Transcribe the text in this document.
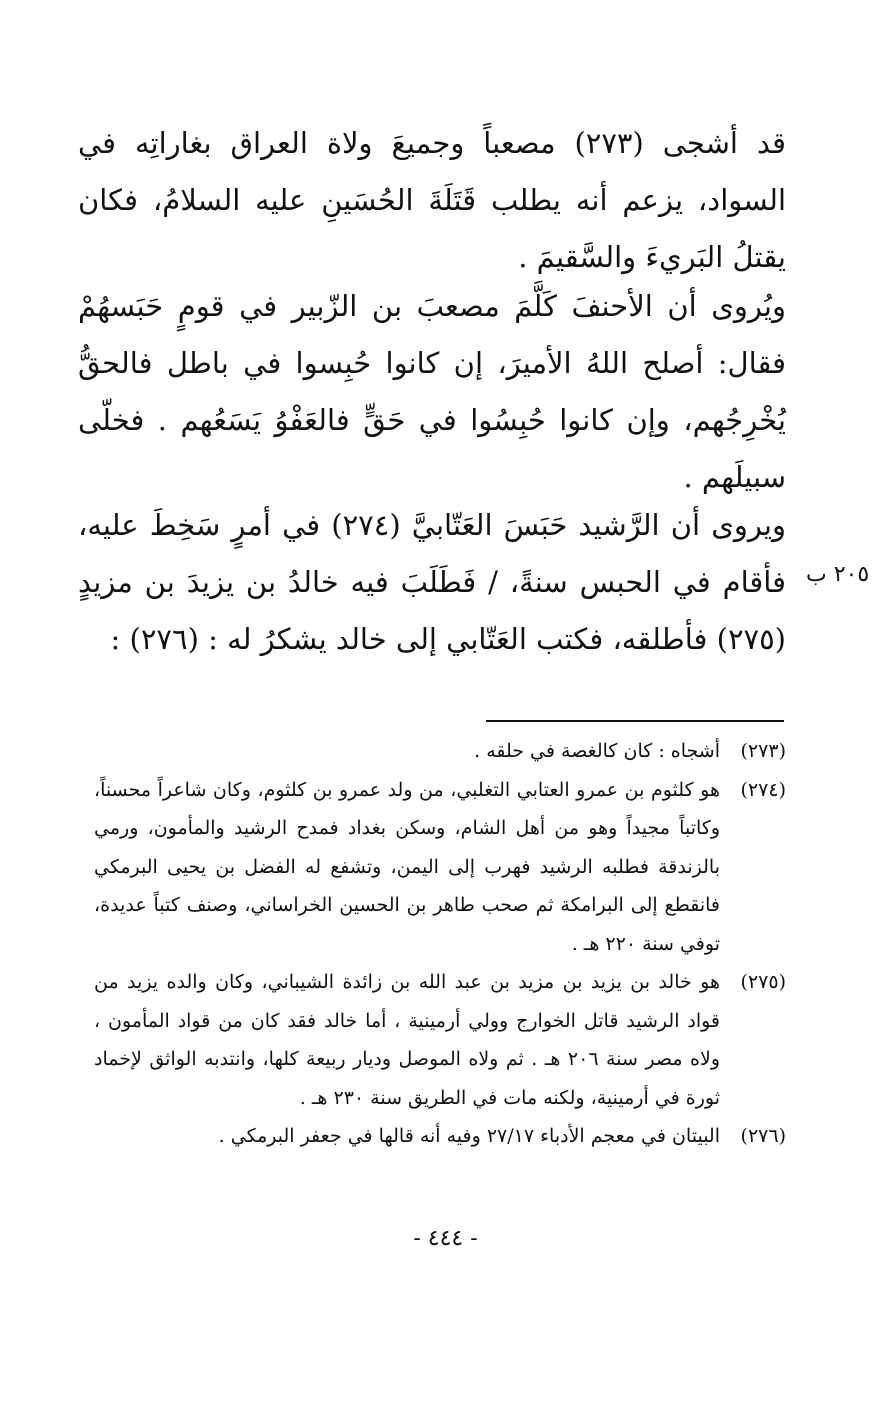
قد أشجى (٢٧٣) مصعباً وجميعَ ولاة العراق بغاراتِه في السواد، يزعم أنه يطلب قَتَلَةَ الحُسَينِ عليه السلامُ، فكان يقتلُ البَريءَ والسَّقيمَ .

ويُروى أن الأحنفَ كَلَّمَ مصعبَ بن الزّبير في قومٍ حَبَسهُمْ فقال: أصلح اللهُ الأميرَ، إن كانوا حُبِسوا في باطل فالحقُّ يُخْرِجُهم، وإن كانوا حُبِسُوا في حَقٍّ فالعَفْوُ يَسَعُهم . فخلّى سبيلَهم .

ويروى أن الرَّشيد حَبَسَ العَتّابيَّ (٢٧٤) في أمرٍ سَخِطَ عليه، فأقام في الحبس سنةً، / فَطَلَبَ فيه خالدُ بن يزيدَ بن مزيدٍ (٢٧٥) فأطلقه، فكتب العَتّابي إلى خالد يشكرُ له : (٢٧٦) :

٢٠٥ ب
(٢٧٣)
أشجاه : كان كالغصة في حلقه .
(٢٧٤)
هو كلثوم بن عمرو العتابي التغلبي، من ولد عمرو بن كلثوم، وكان شاعراً محسناً، وكاتباً مجيداً وهو من أهل الشام، وسكن بغداد فمدح الرشيد والمأمون، ورمي بالزندقة فطلبه الرشيد فهرب إلى اليمن، وتشفع له الفضل بن يحيى البرمكي فانقطع إلى البرامكة ثم صحب طاهر بن الحسين الخراساني، وصنف كتباً عديدة، توفي سنة ٢٢٠ هـ .
(٢٧٥)
هو خالد بن يزيد بن مزيد بن عبد الله بن زائدة الشيباني، وكان والده يزيد من قواد الرشيد قاتل الخوارج وولي أرمينية ، أما خالد فقد كان من قواد المأمون ، ولاه مصر سنة ٢٠٦ هـ . ثم ولاه الموصل وديار ربيعة كلها، وانتدبه الواثق لإخماد ثورة في أرمينية، ولكنه مات في الطريق سنة ٢٣٠ هـ .
(٢٧٦)
البيتان في معجم الأدباء ٢٧/١٧ وفيه أنه قالها في جعفر البرمكي .
- ٤٤٤ -
